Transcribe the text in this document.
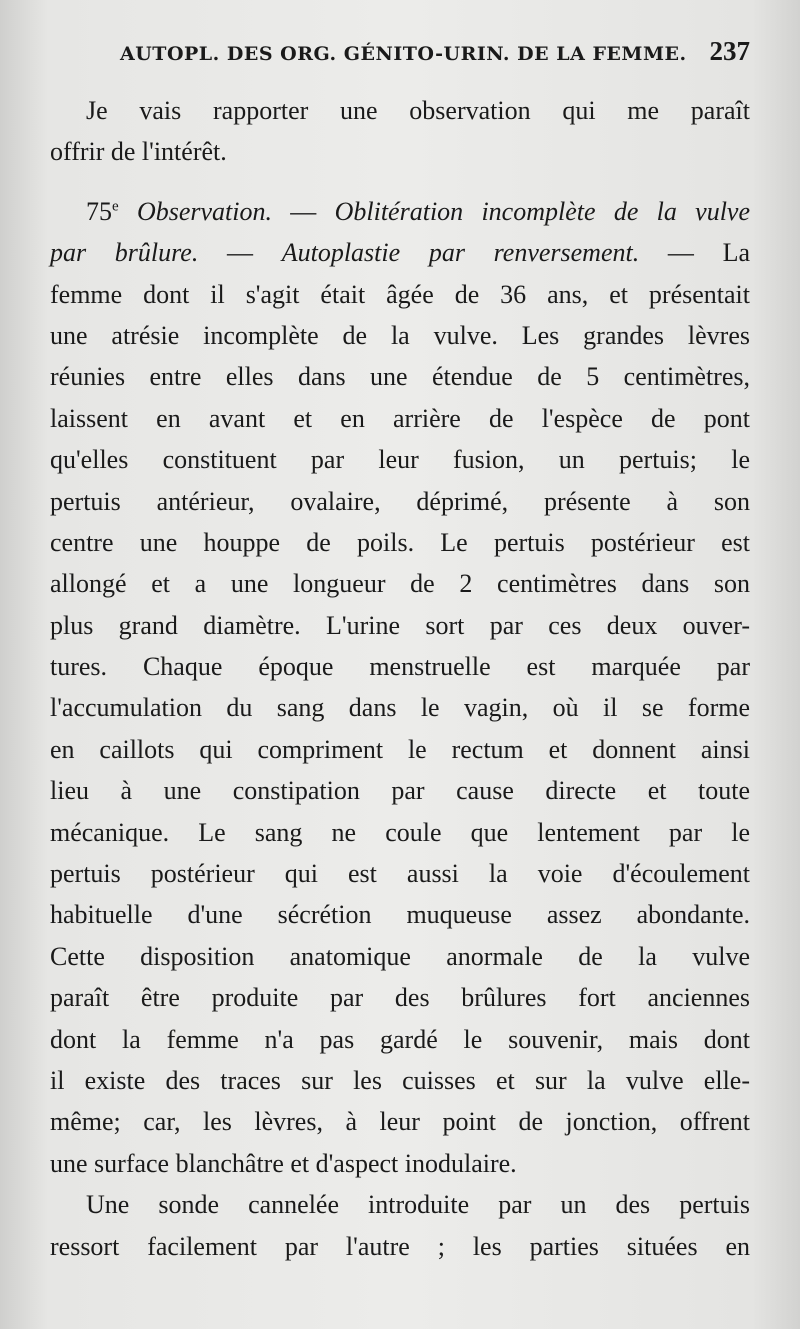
AUTOPL. DES ORG. GÉNITO-URIN. DE LA FEMME. 237
Je vais rapporter une observation qui me paraît
offrir de l'intérêt.
75e Observation. — Oblitération incomplète de la vulve
par brûlure. — Autoplastie par renversement. — La
femme dont il s'agit était âgée de 36 ans, et présentait
une atrésie incomplète de la vulve. Les grandes lèvres
réunies entre elles dans une étendue de 5 centimètres,
laissent en avant et en arrière de l'espèce de pont
qu'elles constituent par leur fusion, un pertuis; le
pertuis antérieur, ovalaire, déprimé, présente à son
centre une houppe de poils. Le pertuis postérieur est
allongé et a une longueur de 2 centimètres dans son
plus grand diamètre. L'urine sort par ces deux ouver-
tures. Chaque époque menstruelle est marquée par
l'accumulation du sang dans le vagin, où il se forme
en caillots qui compriment le rectum et donnent ainsi
lieu à une constipation par cause directe et toute
mécanique. Le sang ne coule que lentement par le
pertuis postérieur qui est aussi la voie d'écoulement
habituelle d'une sécrétion muqueuse assez abondante.
Cette disposition anatomique anormale de la vulve
paraît être produite par des brûlures fort anciennes
dont la femme n'a pas gardé le souvenir, mais dont
il existe des traces sur les cuisses et sur la vulve elle-
même; car, les lèvres, à leur point de jonction, offrent
une surface blanchâtre et d'aspect inodulaire.
Une sonde cannelée introduite par un des pertuis
ressort facilement par l'autre ; les parties situées en
